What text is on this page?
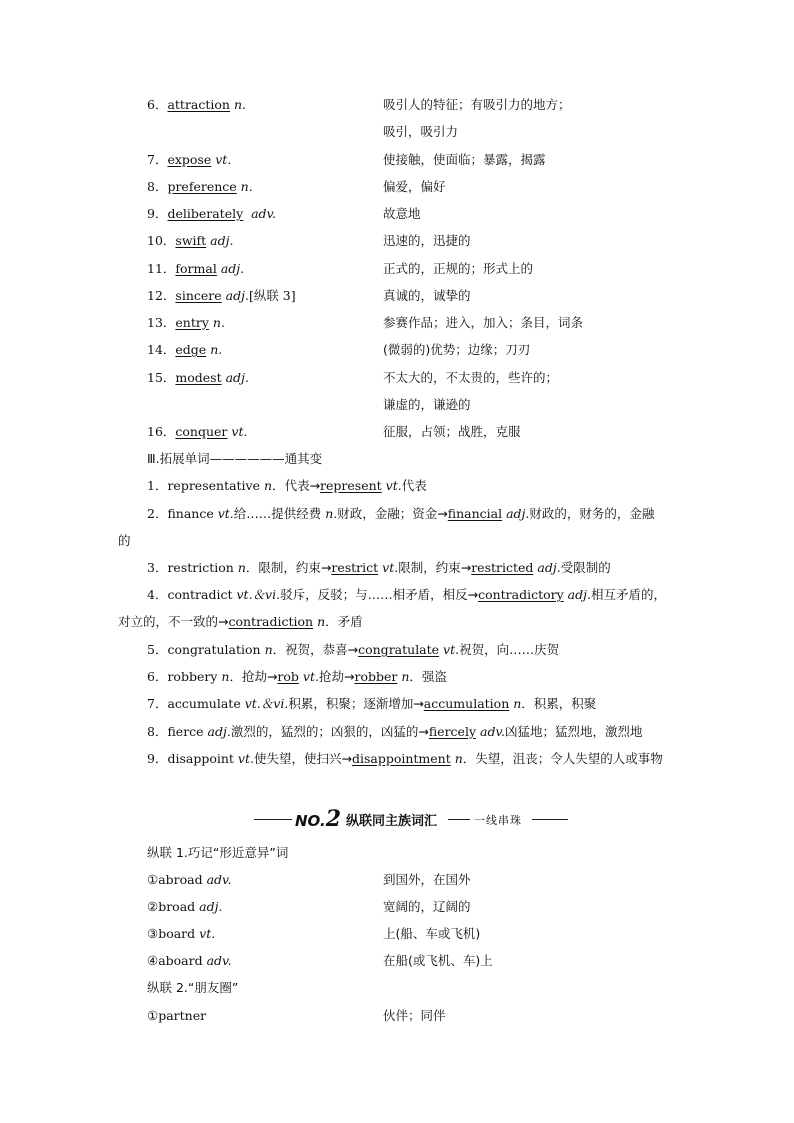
6．attraction n.	吸引人的特征；有吸引力的地方；
吸引，吸引力
7．expose vt.	使接触，使面临；暴露，揭露
8．preference n.	偏爱，偏好
9．deliberately adv.	故意地
10．swift adj.	迅速的，迅捷的
11．formal adj.	正式的，正规的；形式上的
12．sincere adj.[纵联 3]	真诚的，诚挚的
13．entry n.	参赛作品；进入，加入；条目，词条
14．edge n.	(微弱的)优势；边缘；刀刃
15．modest adj.	不太大的，不太贵的，些许的；
谦虚的，谦逊的
16．conquer vt.	征服，占领；战胜，克服
Ⅲ.拓展单词——————通其变
1．representative n．代表→represent vt.代表
2．finance vt.给……提供经费 n.财政，金融；资金→financial adj.财政的，财务的，金融
的
3．restriction n．限制，约束→restrict vt.限制，约束→restricted adj.受限制的
4．contradict vt.＆vi.驳斥，反驳；与……相矛盾，相反→contradictory adj.相互矛盾的，
对立的，不一致的→contradiction n．矛盾
5．congratulation n．祝贺，恭喜→congratulate vt.祝贺，向……庆贺
6．robbery n．抢劫→rob vt.抢劫→robber n．强盗
7．accumulate vt.＆vi.积累，积聚；逐渐增加→accumulation n．积累，积聚
8．fierce adj.激烈的，猛烈的；凶狠的，凶猛的→fiercely adv.凶猛地；猛烈地，激烈地
9．disappoint vt.使失望，使扫兴→disappointment n．失望，沮丧；令人失望的人或事物
NO.2 纵联同主族词汇	一线串珠
纵联 1.巧记“形近意异”词
①abroad adv.	到国外，在国外
②broad adj.	宽阔的，辽阔的
③board vt.	上(船、车或飞机)
④aboard adv.	在船(或飞机、车)上
纵联 2.“朋友圈”
①partner	伙伴；同伴
